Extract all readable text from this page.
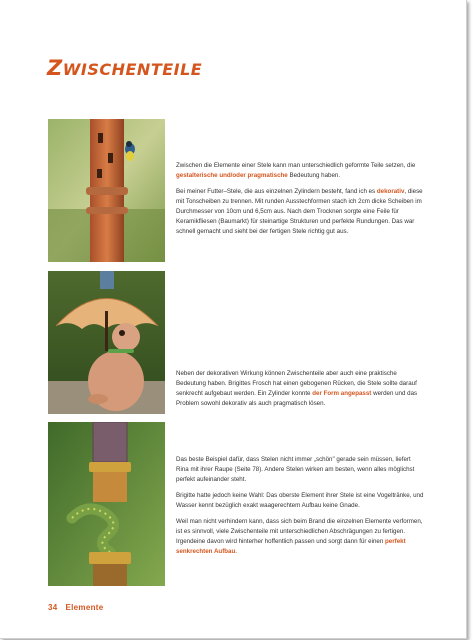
ZWISCHENTEILE

Zwischen die Elemente einer Stele kann man unterschiedlich geformte Teile setzen, die gestalterische und/oder pragmatische Bedeutung haben.

Bei meiner Futter–Stele, die aus einzelnen Zylindern besteht, fand ich es dekorativ, diese mit Tonscheiben zu trennen. Mit runden Ausstechformen stach ich 2cm dicke Scheiben im Durchmesser von 10cm und 6,5cm aus. Nach dem Trocknen sorgte eine Feile für Keramikfliesen (Baumarkt) für steinartige Strukturen und perfekte Rundungen. Das war schnell gemacht und sieht bei der fertigen Stele richtig gut aus.

Neben der dekorativen Wirkung können Zwischenteile aber auch eine praktische Bedeutung haben. Brigittes Frosch hat einen gebogenen Rücken, die Stele sollte darauf senkrecht aufgebaut werden. Ein Zylinder konnte der Form angepasst werden und das Problem sowohl dekorativ als auch pragmatisch lösen.

Das beste Beispiel dafür, dass Stelen nicht immer „schön" gerade sein müssen, liefert Rina mit ihrer Raupe (Seite 78). Andere Stelen wirken am besten, wenn alles möglichst perfekt aufeinander steht.

Brigitte hatte jedoch keine Wahl: Das oberste Element ihrer Stele ist eine Vogeltränke, und Wasser kennt bezüglich exakt waagerechtem Aufbau keine Gnade.

Weil man nicht verhindern kann, dass sich beim Brand die einzelnen Elemente verformen, ist es sinnvoll, viele Zwischenteile mit unterschiedlichen Abschrägungen zu fertigen. Irgendeine davon wird hinterher hoffentlich passen und sorgt dann für einen perfekt senkrechten Aufbau.

34 Elemente
